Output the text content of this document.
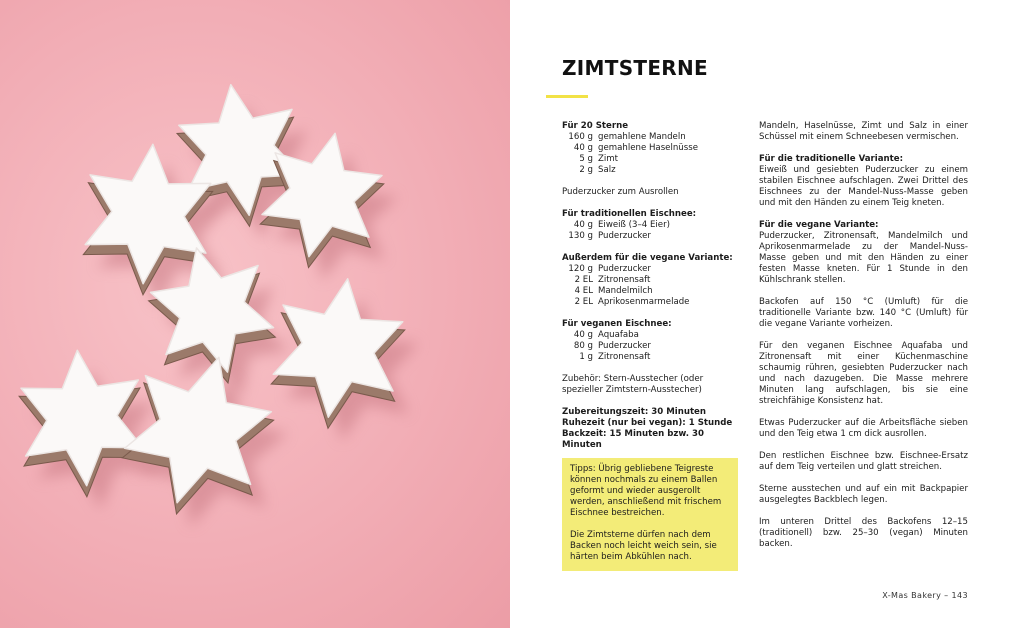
ZIMTSTERNE
Für 20 Sterne
160 g gemahlene Mandeln
40 g gemahlene Haselnüsse
5 g Zimt
2 g Salz
Puderzucker zum Ausrollen
Für traditionellen Eischnee:
40 g Eiweiß (3–4 Eier)
130 g Puderzucker
Außerdem für die vegane Variante:
120 g Puderzucker
2 EL Zitronensaft
4 EL Mandelmilch
2 EL Aprikosenmarmelade
Für veganen Eischnee:
40 g Aquafaba
80 g Puderzucker
1 g Zitronensaft
Zubehör: Stern-Ausstecher (oder
spezieller Zimtstern-Ausstecher)
Zubereitungszeit: 30 Minuten
Ruhezeit (nur bei vegan): 1 Stunde
Backzeit: 15 Minuten bzw. 30 Minuten

Tipps: Übrig gebliebene Teigreste können nochmals zu einem Ballen geformt und wieder ausgerollt werden, anschließend mit frischem Eischnee bestreichen.

Die Zimtsterne dürfen nach dem Backen noch leicht weich sein, sie härten beim Abkühlen nach.

Mandeln, Haselnüsse, Zimt und Salz in einer Schüssel mit einem Schneebesen vermischen.
Für die traditionelle Variante:
Eiweiß und gesiebten Puderzucker zu einem stabilen Eischnee aufschlagen. Zwei Drittel des Eischnees zu der Mandel-Nuss-Masse geben und mit den Händen zu einem Teig kneten.
Für die vegane Variante:
Puderzucker, Zitronensaft, Mandelmilch und Aprikosenmarmelade zu der Mandel-Nuss-Masse geben und mit den Händen zu einer festen Masse kneten. Für 1 Stunde in den Kühlschrank stellen.
Backofen auf 150 °C (Umluft) für die traditionelle Variante bzw. 140 °C (Umluft) für die vegane Variante vorheizen.
Für den veganen Eischnee Aquafaba und Zitronensaft mit einer Küchenmaschine schaumig rühren, gesiebten Puderzucker nach und nach dazugeben. Die Masse mehrere Minuten lang aufschlagen, bis sie eine streichfähige Konsistenz hat.
Etwas Puderzucker auf die Arbeitsfläche sieben und den Teig etwa 1 cm dick ausrollen.
Den restlichen Eischnee bzw. Eischnee-Ersatz auf dem Teig verteilen und glatt streichen.
Sterne ausstechen und auf ein mit Backpapier ausgelegtes Backblech legen.
Im unteren Drittel des Backofens 12–15 (traditionell) bzw. 25–30 (vegan) Minuten backen.
X-Mas Bakery – 143
